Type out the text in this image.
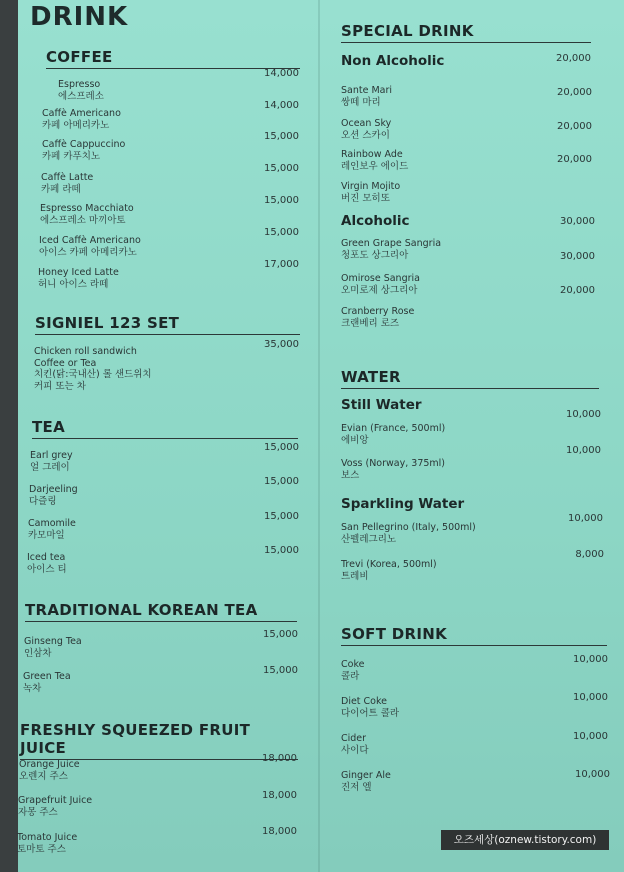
DRINK
COFFEE
Espresso
에스프레소
14,000
Caffè Americano
카페 아메리카노
14,000
Caffè Cappuccino
카페 카푸치노
15,000
Caffè Latte
카페 라떼
15,000
Espresso Macchiato
에스프레소 마끼아토
15,000
Iced Caffè Americano
아이스 카페 아메리카노
15,000
Honey Iced Latte
허니 아이스 라떼
17,000
SIGNIEL 123 SET
Chicken roll sandwich
Coffee or Tea
치킨(닭:국내산) 롤 샌드위치
커피 또는 차
35,000
TEA
Earl grey
얼 그레이
15,000
Darjeeling
다즐링
15,000
Camomile
카모마일
15,000
Iced tea
아이스 티
15,000
TRADITIONAL KOREAN TEA
Ginseng Tea
인삼차
15,000
Green Tea
녹차
15,000
FRESHLY SQUEEZED FRUIT JUICE
Orange Juice
오렌지 주스
18,000
Grapefruit Juice
자몽 주스
18,000
Tomato Juice
토마토 주스
18,000
SPECIAL DRINK
Non Alcoholic	20,000
Sante Mari
쌍떼 마리
20,000
Ocean Sky
오션 스카이
20,000
Rainbow Ade
레인보우 에이드
20,000
Virgin Mojito
버진 모히또
Alcoholic	30,000
Green Grape Sangria
청포도 상그리아	30,000
Omirose Sangria
오미로제 상그리아	20,000
Cranberry Rose
크랜베리 로즈
WATER
Still Water
Evian (France, 500ml)
에비앙
10,000
Voss (Norway, 375ml)
보스
10,000
Sparkling Water
San Pellegrino (Italy, 500ml)
산펠레그리노
10,000
Trevi (Korea, 500ml)
트레비
8,000
SOFT DRINK
Coke
콜라
10,000
Diet Coke
다이어트 콜라
10,000
Cider
사이다
10,000
Ginger Ale
진저 엘
10,000
오즈세상(oznew.tistory.com)
